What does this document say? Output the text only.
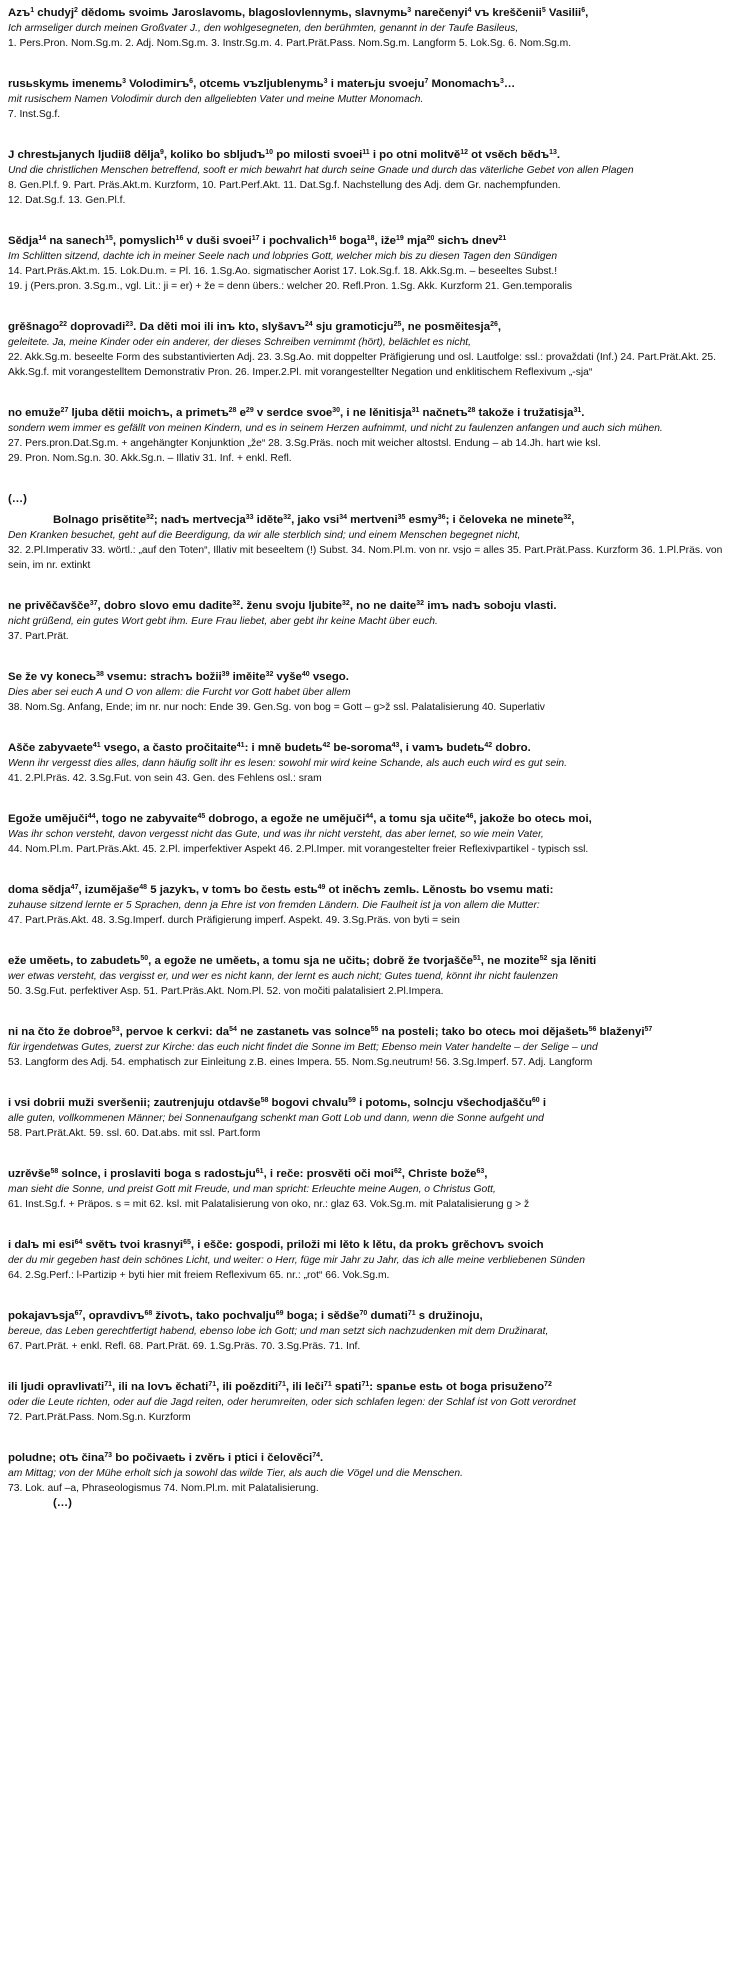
Azъ$^1$ chudyj$^2$ dědomь svoimь Jaroslavomь, blagoslovlennymь, slavnymь$^3$ narečenyi$^4$ vъ kreščenii$^5$ Vasilii$^6$,

Ich armseliger durch meinen Großvater J., den wohlgesegneten, den berühmten, genannt in der Taufe Basileus,

1. Pers.Pron. Nom.Sg.m. 2. Adj. Nom.Sg.m. 3. Instr.Sg.m. 4. Part.Prät.Pass. Nom.Sg.m. Langform 5. Lok.Sg. 6. Nom.Sg.m.

rusьskymь imenemь$^3$ Volodimirъ$^6$, otcemь vъzljublenymь$^3$ i materьju svoeju$^7$ Monomachъ$^3$…

mit rusischem Namen Volodimir durch den allgeliebten Vater und meine Mutter Monomach.

7. Inst.Sg.f.

J chrestьjanych ljudii8 dělja$^9$, koliko bo sbljudъ$^{10}$ po milosti svoei$^{11}$ i po otni molitvě$^{12}$ ot vsěch bědъ$^{13}$.

Und die christlichen Menschen betreffend, sooft er mich bewahrt hat durch seine Gnade und durch das väterliche Gebet von allen Plagen

8. Gen.Pl.f. 9. Part. Präs.Akt.m. Kurzform, 10. Part.Perf.Akt. 11. Dat.Sg.f. Nachstellung des Adj. dem Gr. nachempfunden.
12. Dat.Sg.f. 13. Gen.Pl.f.

Sědja$^{14}$ na sanech$^{15}$, pomyslich$^{16}$ v duši svoei$^{17}$ i pochvalich$^{16}$ boga$^{18}$, iže$^{19}$ mja$^{20}$ sichъ dnev$^{21}$

Im Schlitten sitzend, dachte ich in meiner Seele nach und lobpries Gott, welcher mich bis zu diesen Tagen den Sündigen

14. Part.Präs.Akt.m. 15. Lok.Du.m. = Pl. 16. 1.Sg.Ao. sigmatischer Aorist 17. Lok.Sg.f. 18. Akk.Sg.m. – beseeltes Subst.!
19. j (Pers.pron. 3.Sg.m., vgl. Lit.: ji = er) + že = denn übers.: welcher 20. Refl.Pron. 1.Sg. Akk. Kurzform 21. Gen.temporalis

grěšnago$^{22}$ doprovadi$^{23}$. Da děti moi ili inъ kto, slyšavъ$^{24}$ sju gramoticju$^{25}$, ne posměitesja$^{26}$,

geleitete. Ja, meine Kinder oder ein anderer, der dieses Schreiben vernimmt (hört), belächlet es nicht,

22. Akk.Sg.m. beseelte Form des substantivierten Adj. 23. 3.Sg.Ao. mit doppelter Präfigierung und osl. Lautfolge: ssl.: provaždati (Inf.) 24. Part.Prät.Akt. 25. Akk.Sg.f. mit vorangestelltem Demonstrativ Pron. 26. Imper.2.Pl. mit vorangestellter Negation und enklitischem Reflexivum „-sja“

no emuže$^{27}$ ljuba dětii moichъ, a primetъ$^{28}$ $e^{29}$ v serdce svoe$^{30}$, i ne lěnitisja$^{31}$ načnetъ$^{28}$ takože i tružatisja$^{31}$.

sondern wem immer es gefällt von meinen Kindern, und es in seinem Herzen aufnimmt, und nicht zu faulenzen anfangen und auch sich mühen.

27. Pers.pron.Dat.Sg.m. + angehängter Konjunktion „že“ 28. 3.Sg.Präs. noch mit weicher altostsl. Endung – ab 14.Jh. hart wie ksl.
29. Pron. Nom.Sg.n. 30. Akk.Sg.n. – Illativ 31. Inf. + enkl. Refl.

(…)

Bolnago prisětite$^{32}$; nadъ mertvecja$^{33}$ iděte$^{32}$, jako vsi$^{34}$ mertveni$^{35}$ esmy$^{36}$; i čeloveka ne minete$^{32}$,

Den Kranken besuchet, geht auf die Beerdigung, da wir alle sterblich sind; und einem Menschen begegnet nicht,

32. 2.Pl.Imperativ 33. wörtl.: „auf den Toten“, Illativ mit beseeltem (!) Subst. 34. Nom.Pl.m. von nr. vsjo = alles 35. Part.Prät.Pass. Kurzform 36. 1.Pl.Präs. von sein, im nr. extinkt

ne privěčavšče$^{37}$, dobro slovo emu dadite$^{32}$. ženu svoju ljubite$^{32}$, no ne daite$^{32}$ imъ nadъ soboju vlasti.

nicht grüßend, ein gutes Wort gebt ihm. Eure Frau liebet, aber gebt ihr keine Macht über euch.

37. Part.Prät.

Se že vy konecь$^{38}$ vsemu: strachъ božii$^{39}$ iměite$^{32}$ vyše$^{40}$ vsego.

Dies aber sei euch A und O von allem: die Furcht vor Gott habet über allem

38. Nom.Sg. Anfang, Ende; im nr. nur noch: Ende 39. Gen.Sg. von bog = Gott – g>ž ssl. Palatalisierung 40. Superlativ

Ašče zabyvaete$^{41}$ vsego, a často pročitaite$^{41}$: i mně budetь$^{42}$ be-soroma$^{43}$, i vamъ budetь$^{42}$ dobro.

Wenn ihr vergesst dies alles, dann häufig sollt ihr es lesen: sowohl mir wird keine Schande, als auch euch wird es gut sein.

41. 2.Pl.Präs. 42. 3.Sg.Fut. von sein 43. Gen. des Fehlens osl.: sram

Egože umějuči$^{44}$, togo ne zabyvaite$^{45}$ dobrogo, a egože ne umějuči$^{44}$, a tomu sja učite$^{46}$, jakože bo otecь moi,

Was ihr schon versteht, davon vergesst nicht das Gute, und was ihr nicht versteht, das aber lernet, so wie mein Vater,

44. Nom.Pl.m. Part.Präs.Akt. 45. 2.Pl. imperfektiver Aspekt 46. 2.Pl.Imper. mit vorangestelter freier Reflexivpartikel - typisch ssl.

doma sědja$^{47}$, izumějaše$^{48}$ 5 jazykъ, v tomъ bo čestь estь$^{49}$ ot iněchъ zemlь. Lěnostь bo vsemu mati:

zuhause sitzend lernte er 5 Sprachen, denn ja Ehre ist von fremden Ländern. Die Faulheit ist ja von allem die Mutter:

47. Part.Präs.Akt. 48. 3.Sg.Imperf. durch Präfigierung imperf. Aspekt. 49. 3.Sg.Präs. von byti = sein

eže uměetь, to zabudetь$^{50}$, a egože ne uměetь, a tomu sja ne učitь; dobrě že tvorjašče$^{51}$, ne mozite$^{52}$ sja lěniti

wer etwas versteht, das vergisst er, und wer es nicht kann, der lernt es auch nicht; Gutes tuend, könnt ihr nicht faulenzen

50. 3.Sg.Fut. perfektiver Asp. 51. Part.Präs.Akt. Nom.Pl. 52. von močiti palatalisiert 2.Pl.Impera.

ni na čto že dobroe$^{53}$, pervoe k cerkvi: $da^{54}$ ne zastanetь vas solnce$^{55}$ na posteli; tako bo otecь moi dějašetь$^{56}$ blaženyi$^{57}$

für irgendetwas Gutes, zuerst zur Kirche: das euch nicht findet die Sonne im Bett; Ebenso mein Vater handelte – der Selige – und

53. Langform des Adj. 54. emphatisch zur Einleitung z.B. eines Impera. 55. Nom.Sg.neutrum! 56. 3.Sg.Imperf. 57. Adj. Langform

i vsi dobrii muži sveršenii; zautrenjuju otdavše$^{58}$ bogovi chvalu$^{59}$ i potomь, solncju všechodjašču$^{60}$ i

alle guten, vollkommenen Männer; bei Sonnenaufgang schenkt man Gott Lob und dann, wenn die Sonne aufgeht und

58. Part.Prät.Akt. 59. ssl. 60. Dat.abs. mit ssl. Part.form

uzrěvše$^{58}$ solnce, i proslaviti boga s radostьju$^{61}$, i reče: prosvěti oči moi$^{62}$, Christe bože$^{63}$,

man sieht die Sonne, und preist Gott mit Freude, und man spricht: Erleuchte meine Augen, o Christus Gott,

61. Inst.Sg.f. + Präpos. s = mit 62. ksl. mit Palatalisierung von oko, nr.: glaz 63. Vok.Sg.m. mit Palatalisierung g > ž

i dalъ mi esi$^{64}$ světъ tvoi krasnyi$^{65}$, i ešče: gospodi, priloži mi lěto k lětu, da prokъ grěchovъ svoich

der du mir gegeben hast dein schönes Licht, und weiter: o Herr, füge mir Jahr zu Jahr, das ich alle meine verbliebenen Sünden

64. 2.Sg.Perf.: l-Partizip + byti hier mit freiem Reflexivum 65. nr.: „rot“ 66. Vok.Sg.m.

pokajavъsja$^{67}$, opravdivъ$^{68}$ životъ, tako pochvalju$^{69}$ boga; i sědše$^{70}$ dumati$^{71}$ s družinoju,

bereue, das Leben gerechtfertigt habend, ebenso lobe ich Gott; und man setzt sich nachzudenken mit dem Družinarat,

67. Part.Prät. + enkl. Refl. 68. Part.Prät. 69. 1.Sg.Präs. 70. 3.Sg.Präs. 71. Inf.

ili ljudi opravlivati$^{71}$, ili na lovъ ěchati$^{71}$, ili poězditi$^{71}$, ili leči$^{71}$ spati$^{71}$: spanьe estь ot boga prisuženo$^{72}$

oder die Leute richten, oder auf die Jagd reiten, oder herumreiten, oder sich schlafen legen: der Schlaf ist von Gott verordnet

72. Part.Prät.Pass. Nom.Sg.n. Kurzform

poludne; otъ čina$^{73}$ bo počivaetь i zvěrь i ptici i čelověci$^{74}$.

am Mittag; von der Mühe erholt sich ja sowohl das wilde Tier, als auch die Vögel und die Menschen.

73. Lok. auf –a, Phraseologismus 74. Nom.Pl.m. mit Palatalisierung.

(…)
